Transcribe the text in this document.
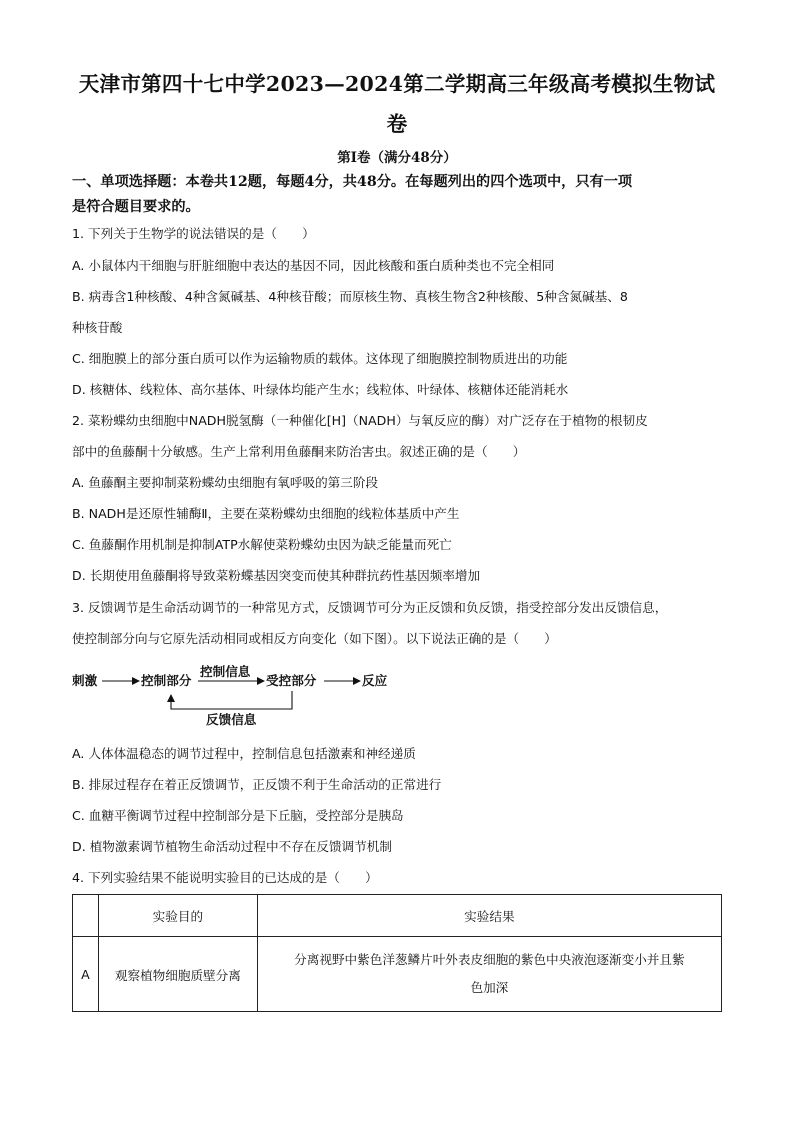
天津市第四十七中学2023—2024第二学期高三年级高考模拟生物试
卷
第Ⅰ卷（满分48分）
一、单项选择题：本卷共12题，每题4分，共48分。在每题列出的四个选项中，只有一项
是符合题目要求的。
1. 下列关于生物学的说法错误的是（　　）
A. 小鼠体内干细胞与肝脏细胞中表达的基因不同，因此核酸和蛋白质种类也不完全相同
B. 病毒含1种核酸、4种含氮碱基、4种核苷酸；而原核生物、真核生物含2种核酸、5种含氮碱基、8
种核苷酸
C. 细胞膜上的部分蛋白质可以作为运输物质的载体。这体现了细胞膜控制物质进出的功能
D. 核糖体、线粒体、高尔基体、叶绿体均能产生水；线粒体、叶绿体、核糖体还能消耗水
2. 菜粉蝶幼虫细胞中NADH脱氢酶（一种催化[H]（NADH）与氧反应的酶）对广泛存在于植物的根韧皮
部中的鱼藤酮十分敏感。生产上常利用鱼藤酮来防治害虫。叙述正确的是（　　）
A. 鱼藤酮主要抑制菜粉蝶幼虫细胞有氧呼吸的第三阶段
B. NADH是还原性辅酶Ⅱ，主要在菜粉蝶幼虫细胞的线粒体基质中产生
C. 鱼藤酮作用机制是抑制ATP水解使菜粉蝶幼虫因为缺乏能量而死亡
D. 长期使用鱼藤酮将导致菜粉蝶基因突变而使其种群抗药性基因频率增加
3. 反馈调节是生命活动调节的一种常见方式，反馈调节可分为正反馈和负反馈，指受控部分发出反馈信息，
使控制部分向与它原先活动相同或相反方向变化（如下图）。以下说法正确的是（　　）
刺激	控制部分
控制信息
受控部分	反应
反馈信息
A. 人体体温稳态的调节过程中，控制信息包括激素和神经递质
B. 排尿过程存在着正反馈调节，正反馈不利于生命活动的正常进行
C. 血糖平衡调节过程中控制部分是下丘脑，受控部分是胰岛
D. 植物激素调节植物生命活动过程中不存在反馈调节机制
4. 下列实验结果不能说明实验目的已达成的是（　　）
	实验目的	实验结果
A	观察植物细胞质壁分离	分离视野中紫色洋葱鳞片叶外表皮细胞的紫色中央液泡逐渐变小并且紫
色加深
